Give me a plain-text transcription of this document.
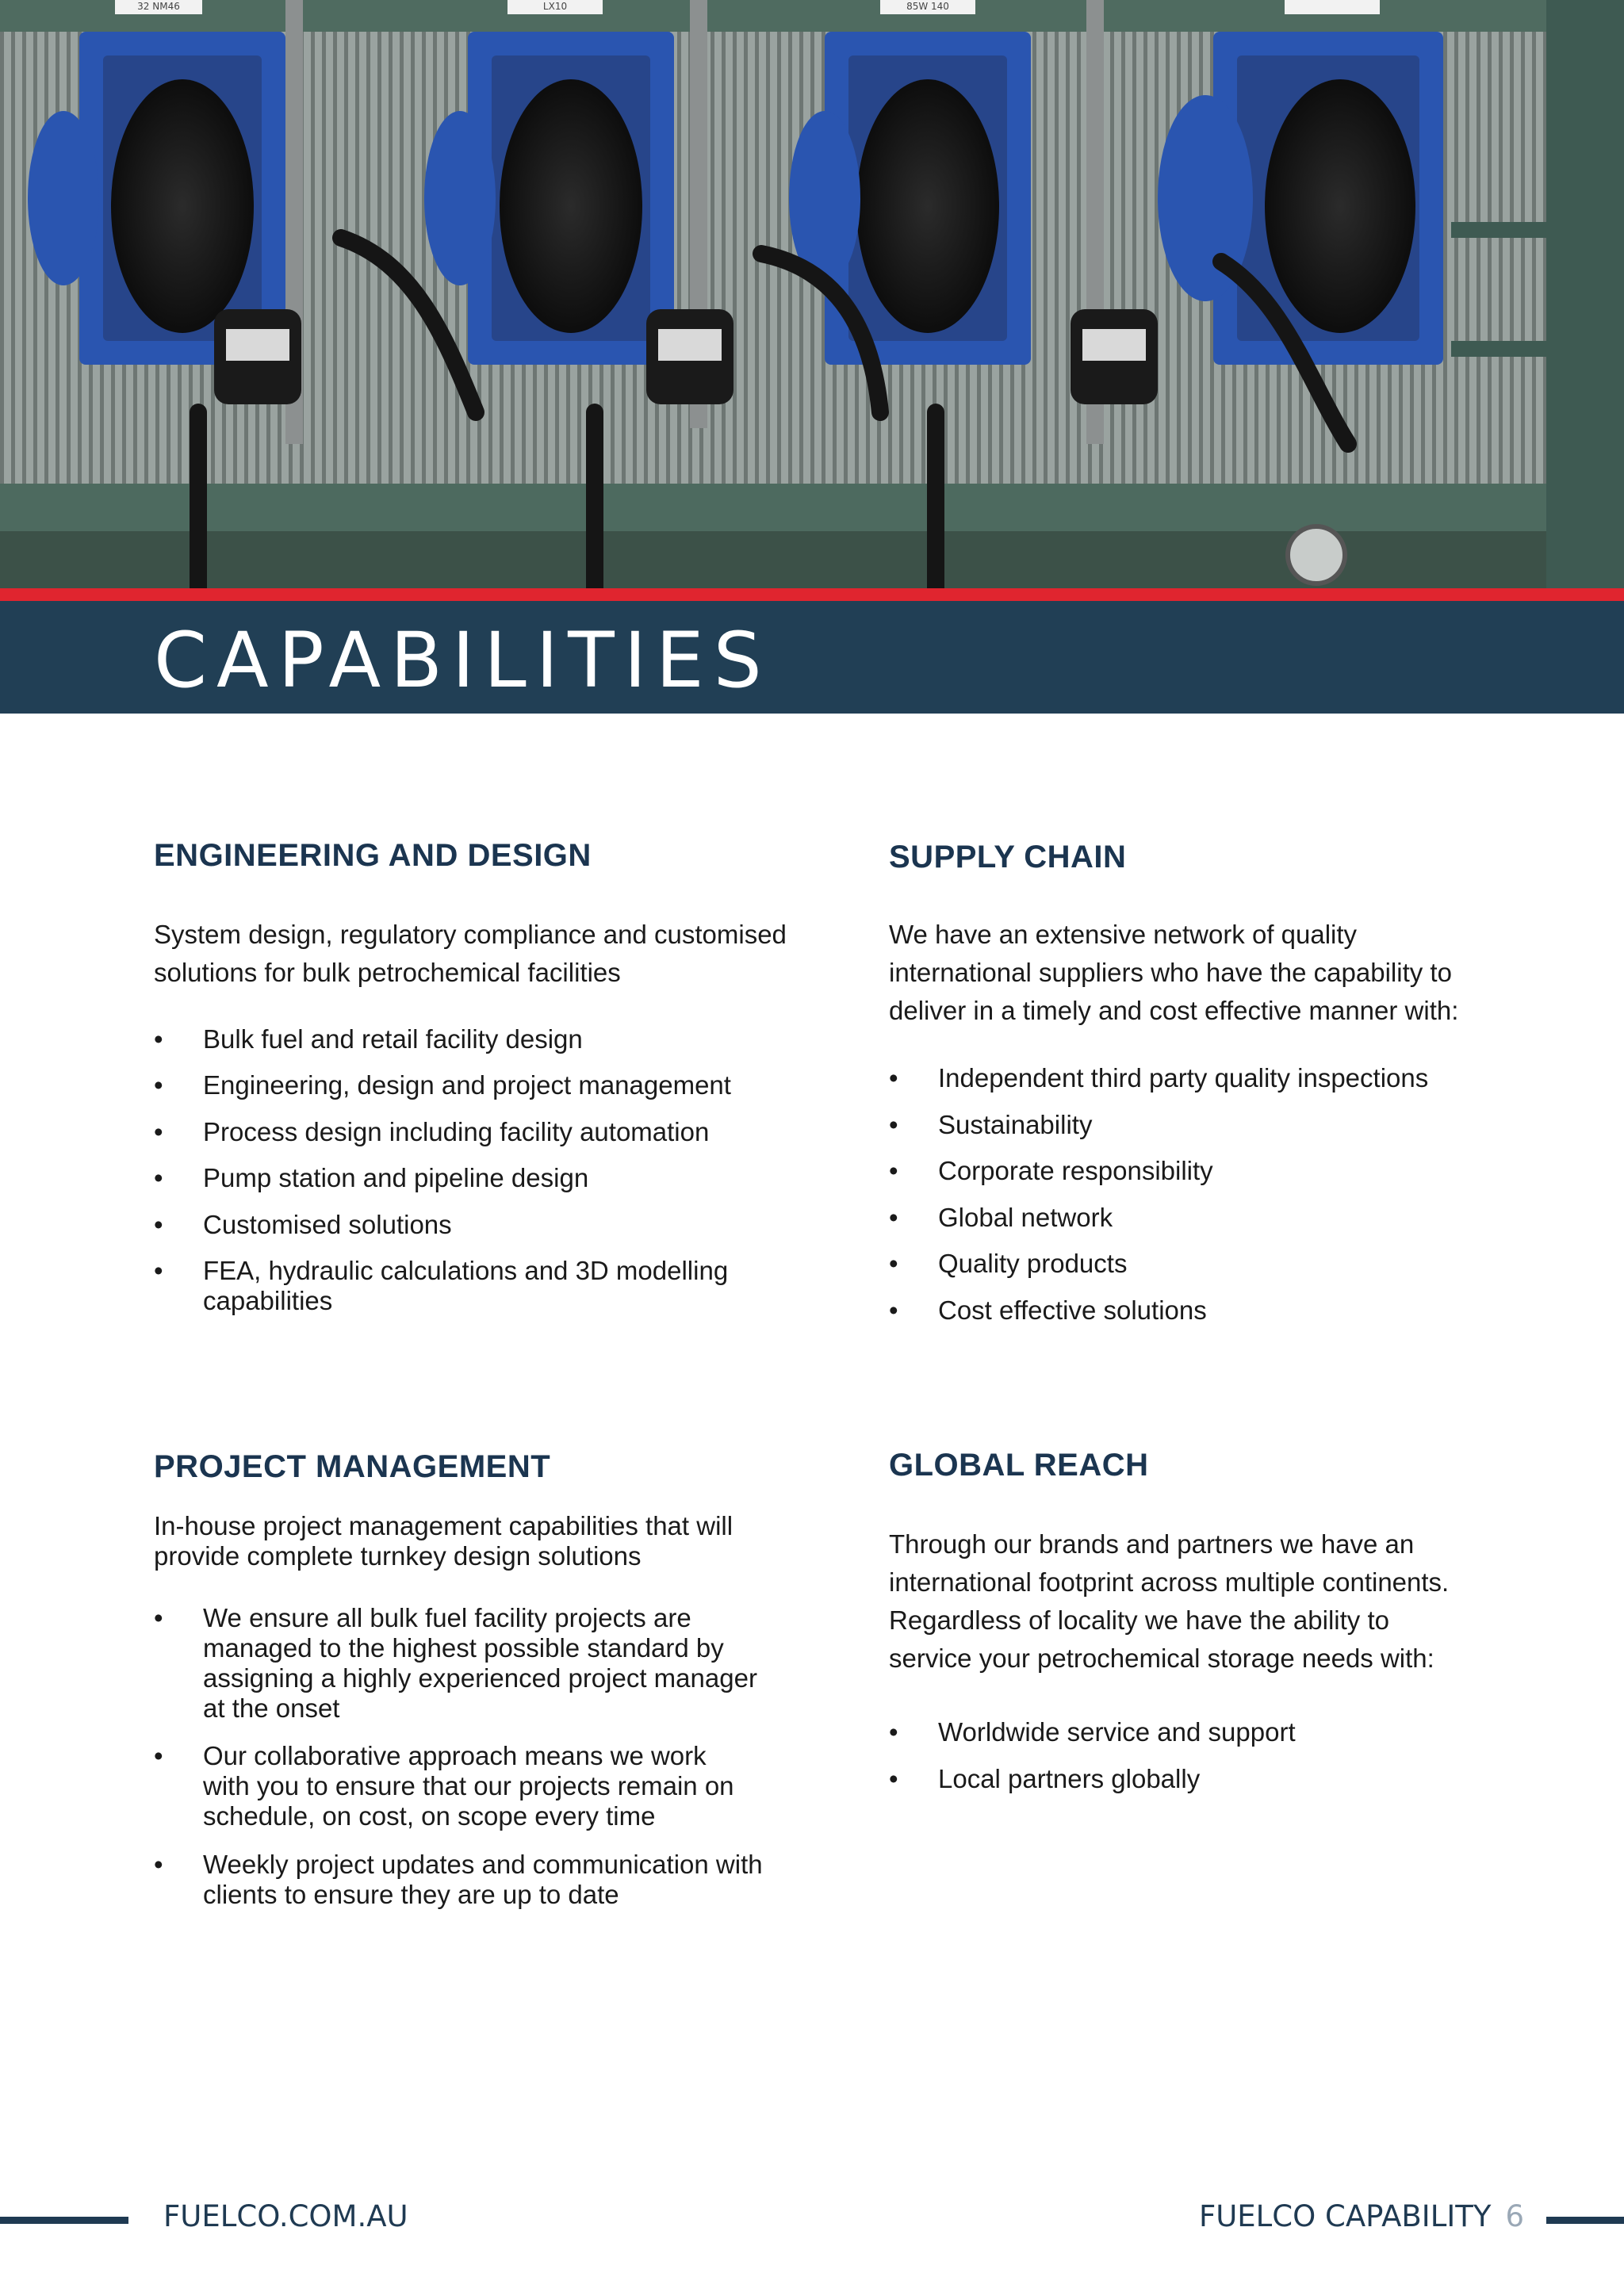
32 NM46	LX10	85W 140
CAPABILITIES
ENGINEERING AND DESIGN

System design, regulatory compliance and customised
solutions for bulk petrochemical facilities

•	Bulk fuel and retail facility design
•	Engineering, design and project management
•	Process design including facility automation
•	Pump station and pipeline design
•	Customised solutions
•	FEA, hydraulic calculations and 3D modelling
capabilities
SUPPLY CHAIN

We have an extensive network of quality
international suppliers who have the capability to
deliver in a timely and cost effective manner with:

•	Independent third party quality inspections
•	Sustainability
•	Corporate responsibility
•	Global network
•	Quality products
•	Cost effective solutions
PROJECT MANAGEMENT

In-house project management capabilities that will
provide complete turnkey design solutions

•	We ensure all bulk fuel facility projects are
managed to the highest possible standard by
assigning a highly experienced project manager
at the onset
•	Our collaborative approach means we work
with you to ensure that our projects remain on
schedule, on cost, on scope every time
•	Weekly project updates and communication with
clients to ensure they are up to date
GLOBAL REACH

Through our brands and partners we have an
international footprint across multiple continents.
Regardless of locality we have the ability to
service your petrochemical storage needs with:

•	Worldwide service and support
•	Local partners globally
FUELCO.COM.AU	FUELCO CAPABILITY 6
